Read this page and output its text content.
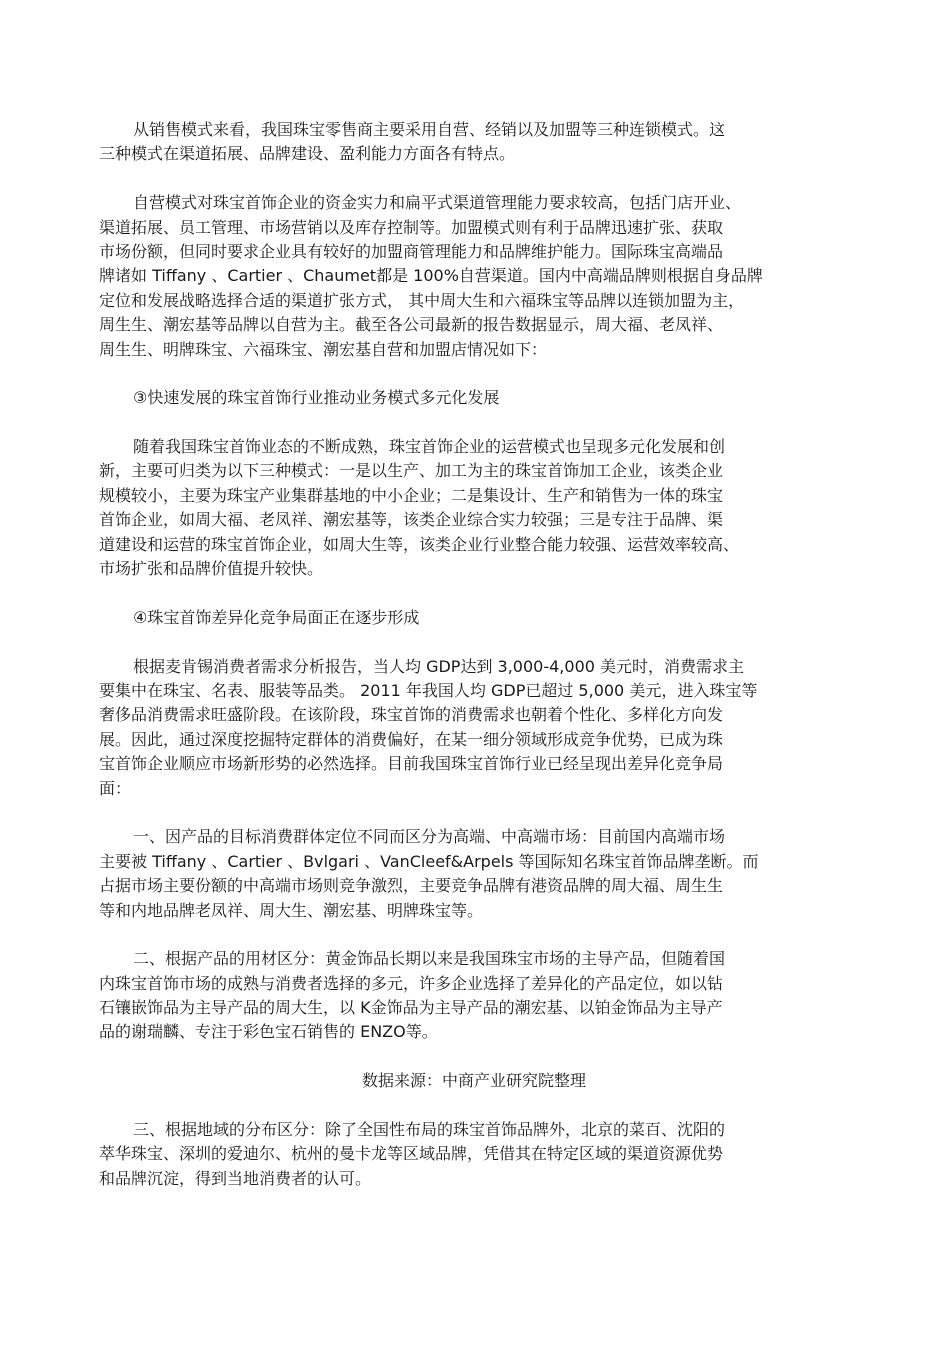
从销售模式来看，我国珠宝零售商主要采用自营、经销以及加盟等三种连锁模式。这
三种模式在渠道拓展、品牌建设、盈利能力方面各有特点。

自营模式对珠宝首饰企业的资金实力和扁平式渠道管理能力要求较高，包括门店开业、
渠道拓展、员工管理、市场营销以及库存控制等。加盟模式则有利于品牌迅速扩张、获取
市场份额，但同时要求企业具有较好的加盟商管理能力和品牌维护能力。国际珠宝高端品
牌诸如 Tiffany 、Cartier 、Chaumet都是 100%自营渠道。国内中高端品牌则根据自身品牌
定位和发展战略选择合适的渠道扩张方式， 其中周大生和六福珠宝等品牌以连锁加盟为主，
周生生、潮宏基等品牌以自营为主。截至各公司最新的报告数据显示，周大福、老凤祥、
周生生、明牌珠宝、六福珠宝、潮宏基自营和加盟店情况如下：

③快速发展的珠宝首饰行业推动业务模式多元化发展

随着我国珠宝首饰业态的不断成熟，珠宝首饰企业的运营模式也呈现多元化发展和创
新，主要可归类为以下三种模式：一是以生产、加工为主的珠宝首饰加工企业，该类企业
规模较小，主要为珠宝产业集群基地的中小企业；二是集设计、生产和销售为一体的珠宝
首饰企业，如周大福、老凤祥、潮宏基等，该类企业综合实力较强；三是专注于品牌、渠
道建设和运营的珠宝首饰企业，如周大生等，该类企业行业整合能力较强、运营效率较高、
市场扩张和品牌价值提升较快。

④珠宝首饰差异化竞争局面正在逐步形成

根据麦肯锡消费者需求分析报告，当人均 GDP达到 3,000-4,000 美元时，消费需求主
要集中在珠宝、名表、服装等品类。 2011 年我国人均 GDP已超过 5,000 美元，进入珠宝等
奢侈品消费需求旺盛阶段。在该阶段，珠宝首饰的消费需求也朝着个性化、多样化方向发
展。因此，通过深度挖掘特定群体的消费偏好，在某一细分领域形成竞争优势，已成为珠
宝首饰企业顺应市场新形势的必然选择。目前我国珠宝首饰行业已经呈现出差异化竞争局
面：

一、因产品的目标消费群体定位不同而区分为高端、中高端市场：目前国内高端市场
主要被 Tiffany 、Cartier 、Bvlgari 、VanCleef&Arpels 等国际知名珠宝首饰品牌垄断。而
占据市场主要份额的中高端市场则竞争激烈，主要竞争品牌有港资品牌的周大福、周生生
等和内地品牌老凤祥、周大生、潮宏基、明牌珠宝等。

二、根据产品的用材区分：黄金饰品长期以来是我国珠宝市场的主导产品，但随着国
内珠宝首饰市场的成熟与消费者选择的多元，许多企业选择了差异化的产品定位，如以钻
石镶嵌饰品为主导产品的周大生，以 K金饰品为主导产品的潮宏基、以铂金饰品为主导产
品的谢瑞麟、专注于彩色宝石销售的 ENZO等。

数据来源：中商产业研究院整理

三、根据地域的分布区分：除了全国性布局的珠宝首饰品牌外，北京的菜百、沈阳的
萃华珠宝、深圳的爱迪尔、杭州的曼卡龙等区域品牌，凭借其在特定区域的渠道资源优势
和品牌沉淀，得到当地消费者的认可。
